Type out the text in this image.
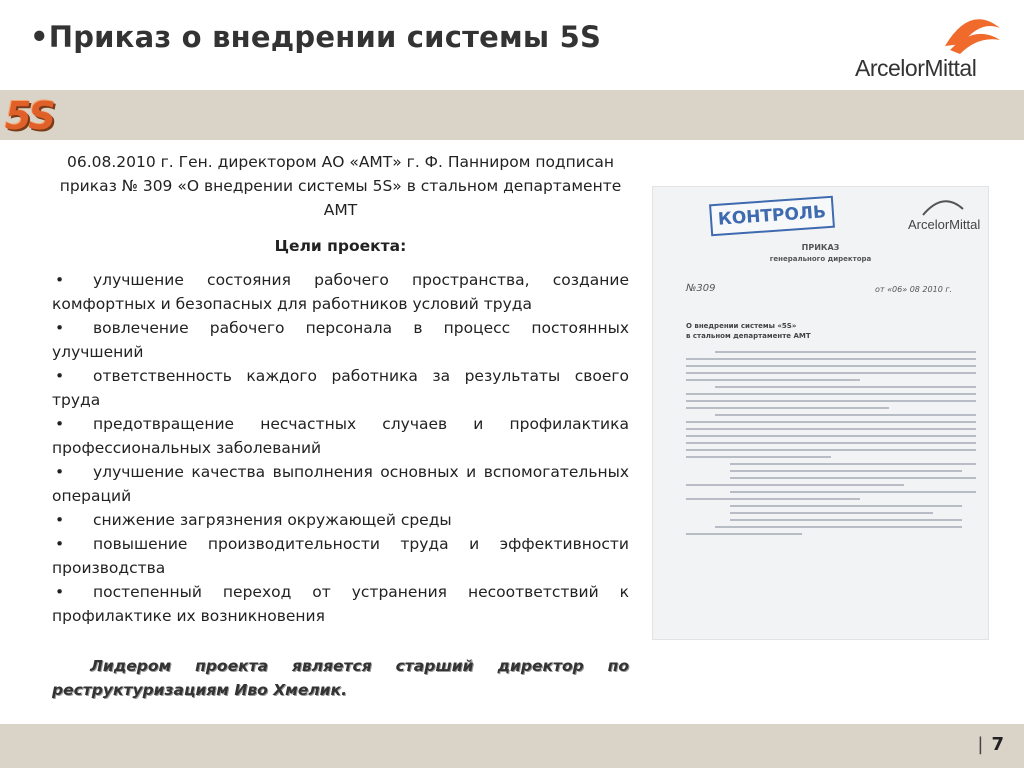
•Приказ о внедрении системы 5S
ArcelorMittal
5S

06.08.2010 г. Ген. директором АО «АМТ» г. Ф. Панниром подписан приказ № 309 «О внедрении системы 5S» в стальном департаменте АМТ

Цели проекта:

• улучшение состояния рабочего пространства, создание комфортных и безопасных для работников условий труда

• вовлечение рабочего персонала в процесс постоянных улучшений

• ответственность каждого работника за результаты своего труда

• предотвращение несчастных случаев и профилактика профессиональных заболеваний

• улучшение качества выполнения основных и вспомогательных операций

• снижение загрязнения окружающей среды

• повышение производительности труда и эффективности производства

• постепенный переход от устранения несоответствий к профилактике их возникновения

Лидером проекта является старший директор по реструктуризациям Иво Хмелик.

КОНТРОЛЬ	ArcelorMittal
ПРИКАЗ
генерального директора
№309	от «06» 08 2010 г.
О внедрении системы «5S»
в стальном департаменте АМТ
| 7
